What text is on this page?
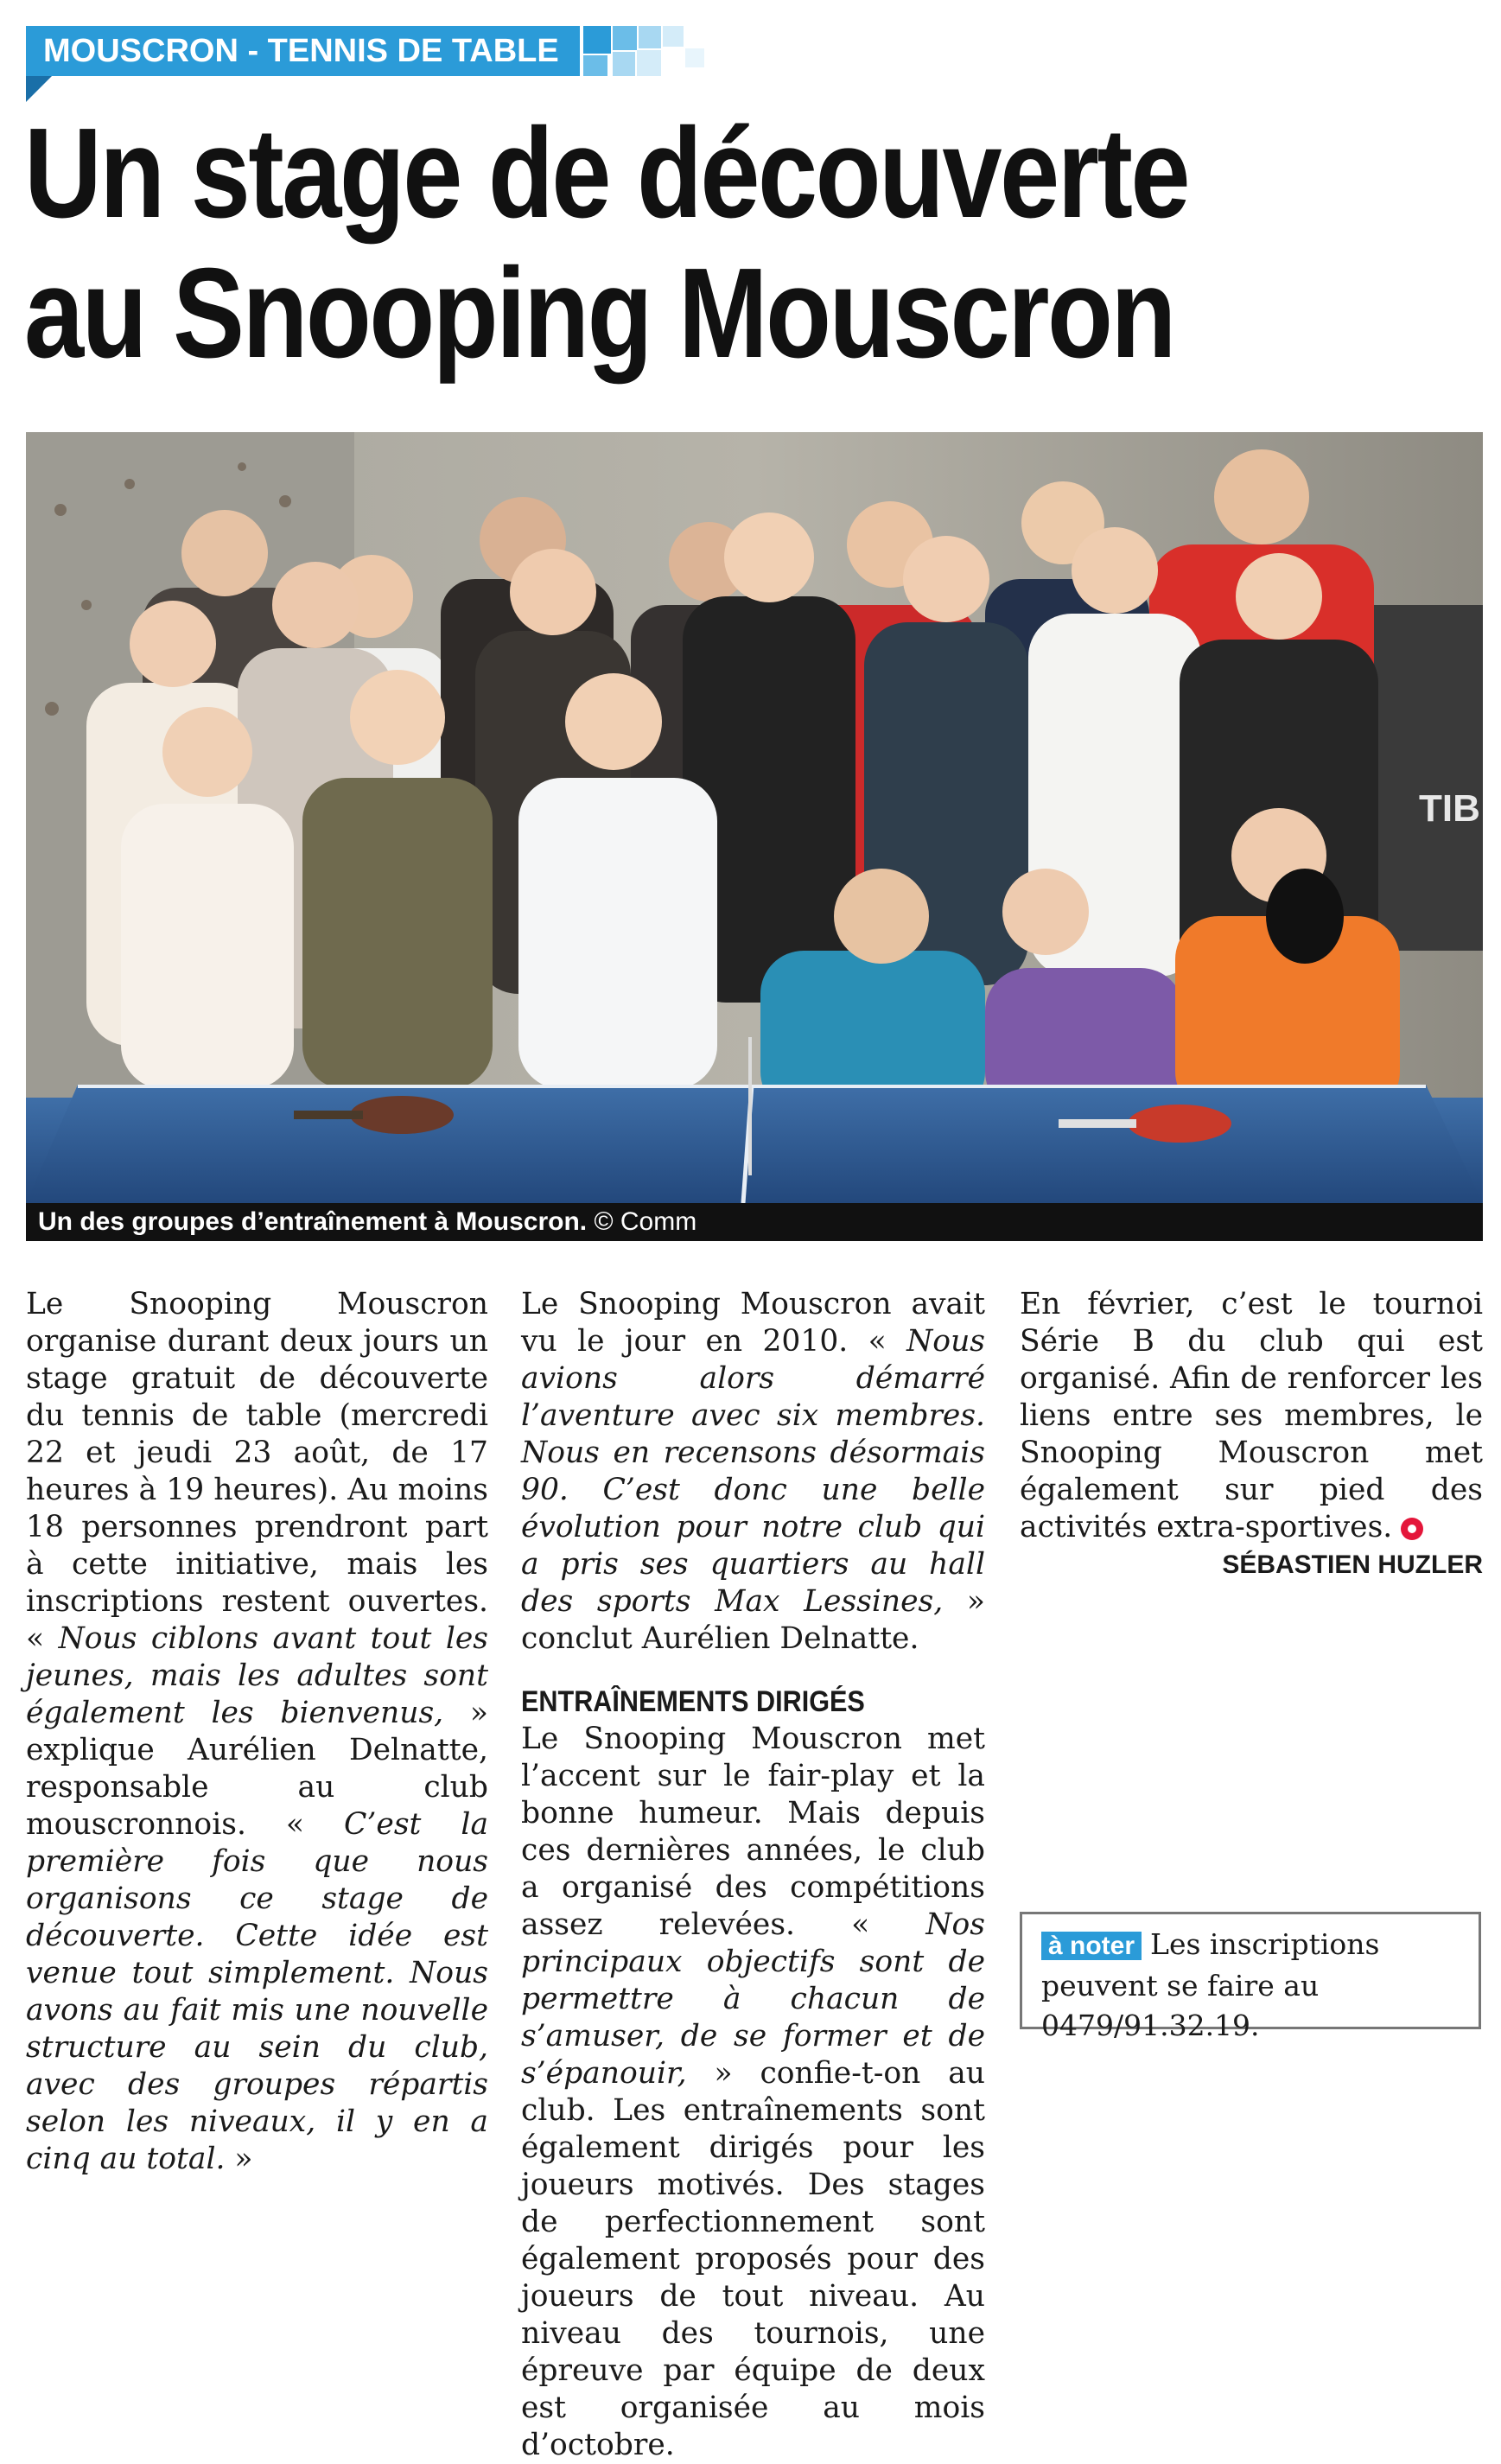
MOUSCRON - TENNIS DE TABLE
Un stage de découverte
au Snooping Mouscron
TIB
Un des groupes d’entraînement à Mouscron. © Comm

Le Snooping Mouscron organise durant deux jours un stage gratuit de découverte du tennis de table (mercredi 22 et jeudi 23 août, de 17 heures à 19 heures). Au moins 18 personnes prendront part à cette initiative, mais les inscriptions restent ouvertes. « Nous ciblons avant tout les jeunes, mais les adultes sont également les bienvenus, » explique Aurélien Delnatte, responsable au club mouscronnois. « C’est la première fois que nous organisons ce stage de découverte. Cette idée est venue tout simplement. Nous avons au fait mis une nouvelle structure au sein du club, avec des groupes répartis selon les niveaux, il y en a cinq au total. »

Le Snooping Mouscron avait vu le jour en 2010. « Nous avions alors démarré l’aventure avec six membres. Nous en recensons désormais 90. C’est donc une belle évolution pour notre club qui a pris ses quartiers au hall des sports Max Lessines, » conclut Aurélien Delnatte.

ENTRAÎNEMENTS DIRIGÉS

Le Snooping Mouscron met l’accent sur le fair-play et la bonne humeur. Mais depuis ces dernières années, le club a organisé des compétitions assez relevées. « Nos principaux objectifs sont de permettre à chacun de s’amuser, de se former et de s’épanouir, » confie-t-on au club. Les entraînements sont également dirigés pour les joueurs motivés. Des stages de perfectionnement sont également proposés pour des joueurs de tout niveau. Au niveau des tournois, une épreuve par équipe de deux est organisée au mois d’octobre.

En février, c’est le tournoi Série B du club qui est organisé. Afin de renforcer les liens entre ses membres, le Snooping Mouscron met également sur pied des activités extra-sportives.

SÉBASTIEN HUZLER
à noter Les inscriptions peuvent se faire au 0479/91.32.19.
